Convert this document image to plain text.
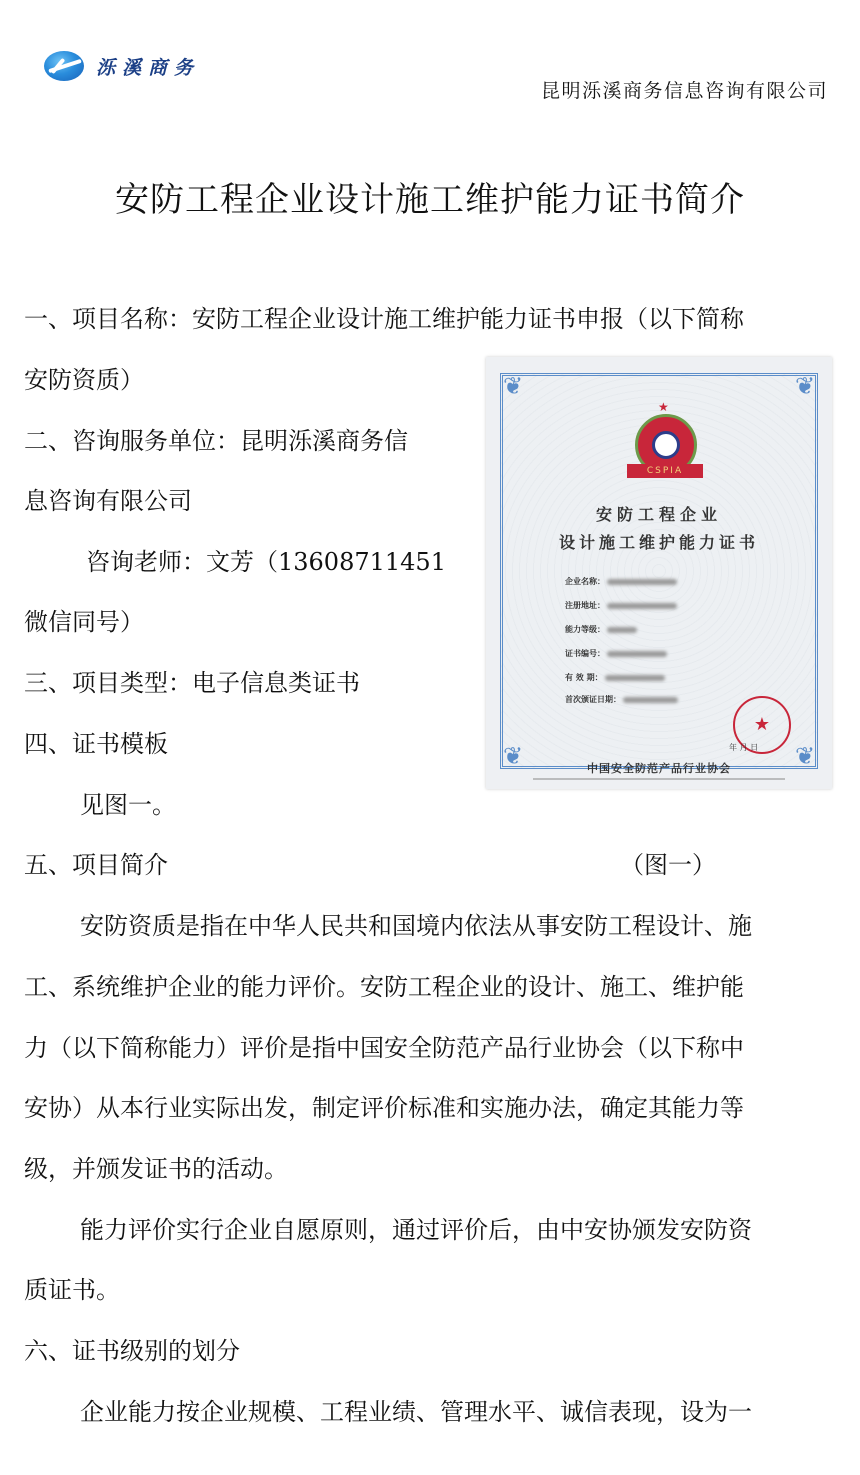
泺溪商务
昆明泺溪商务信息咨询有限公司
安防工程企业设计施工维护能力证书简介
一、项目名称：安防工程企业设计施工维护能力证书申报（以下简称
安防资质）
二、咨询服务单位：昆明泺溪商务信
息咨询有限公司
咨询老师：文芳（13608711451
微信同号）
三、项目类型：电子信息类证书
四、证书模板
见图一。
五、项目简介	（图一）
安防资质是指在中华人民共和国境内依法从事安防工程设计、施
工、系统维护企业的能力评价。安防工程企业的设计、施工、维护能
力（以下简称能力）评价是指中国安全防范产品行业协会（以下称中
安协）从本行业实际出发，制定评价标准和实施办法，确定其能力等
级，并颁发证书的活动。
能力评价实行企业自愿原则，通过评价后，由中安协颁发安防资
质证书。
六、证书级别的划分
企业能力按企业规模、工程业绩、管理水平、诚信表现，设为一
❦	❦
❦	❦
★
CSPIA
安防工程企业
设计施工维护能力证书
企业名称：
注册地址：
能力等级：
证书编号：
有 效 期：
首次颁证日期：
★
年 月 日
中国安全防范产品行业协会
